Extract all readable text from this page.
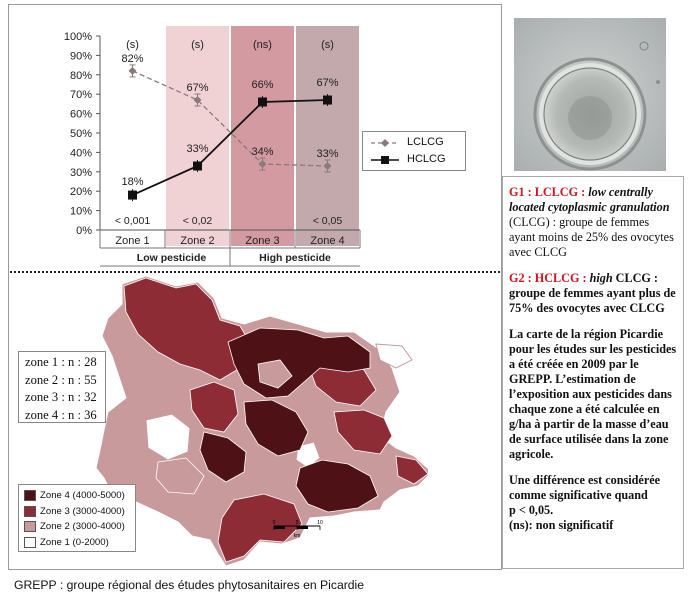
0%
10%
20%
30%
40%
50%
60%
70%
80%
90%
100%
Zone 1
(s)
< 0,001
Zone 2
(s)
< 0,02
Zone 3
(ns)
Zone 4
(s)
< 0,05
Low pesticide	High pesticide
82%
67%
34%	33%
18%
33%
66%	67%
LCLCG
HCLCG
zone 1 : n : 28
zone 2 : n : 55
zone 3 : n : 32
zone 4 : n : 36
Zone 4 (4000-5000)
Zone 3 (3000-4000)
Zone 2 (3000-4000)
Zone 1 (0-2000)
0	5	10
km

G1 : LCLCG : low centrally located cytoplasmic granulation (CLCG) : groupe de femmes ayant moins de 25% des ovocytes avec CLCG

G2 : HCLCG : high CLCG : groupe de femmes ayant plus de 75% des ovocytes avec CLCG

La carte de la région Picardie pour les études sur les pesticides a été créée en 2009 par le GREPP. L’estimation de l’exposition aux pesticides dans chaque zone a été calculée en g/ha à partir de la masse d’eau de surface utilisée dans la zone agricole.

Une différence est considérée comme significative quand
p < 0,05.
(ns): non significatif

GREPP : groupe régional des études phytosanitaires en Picardie
